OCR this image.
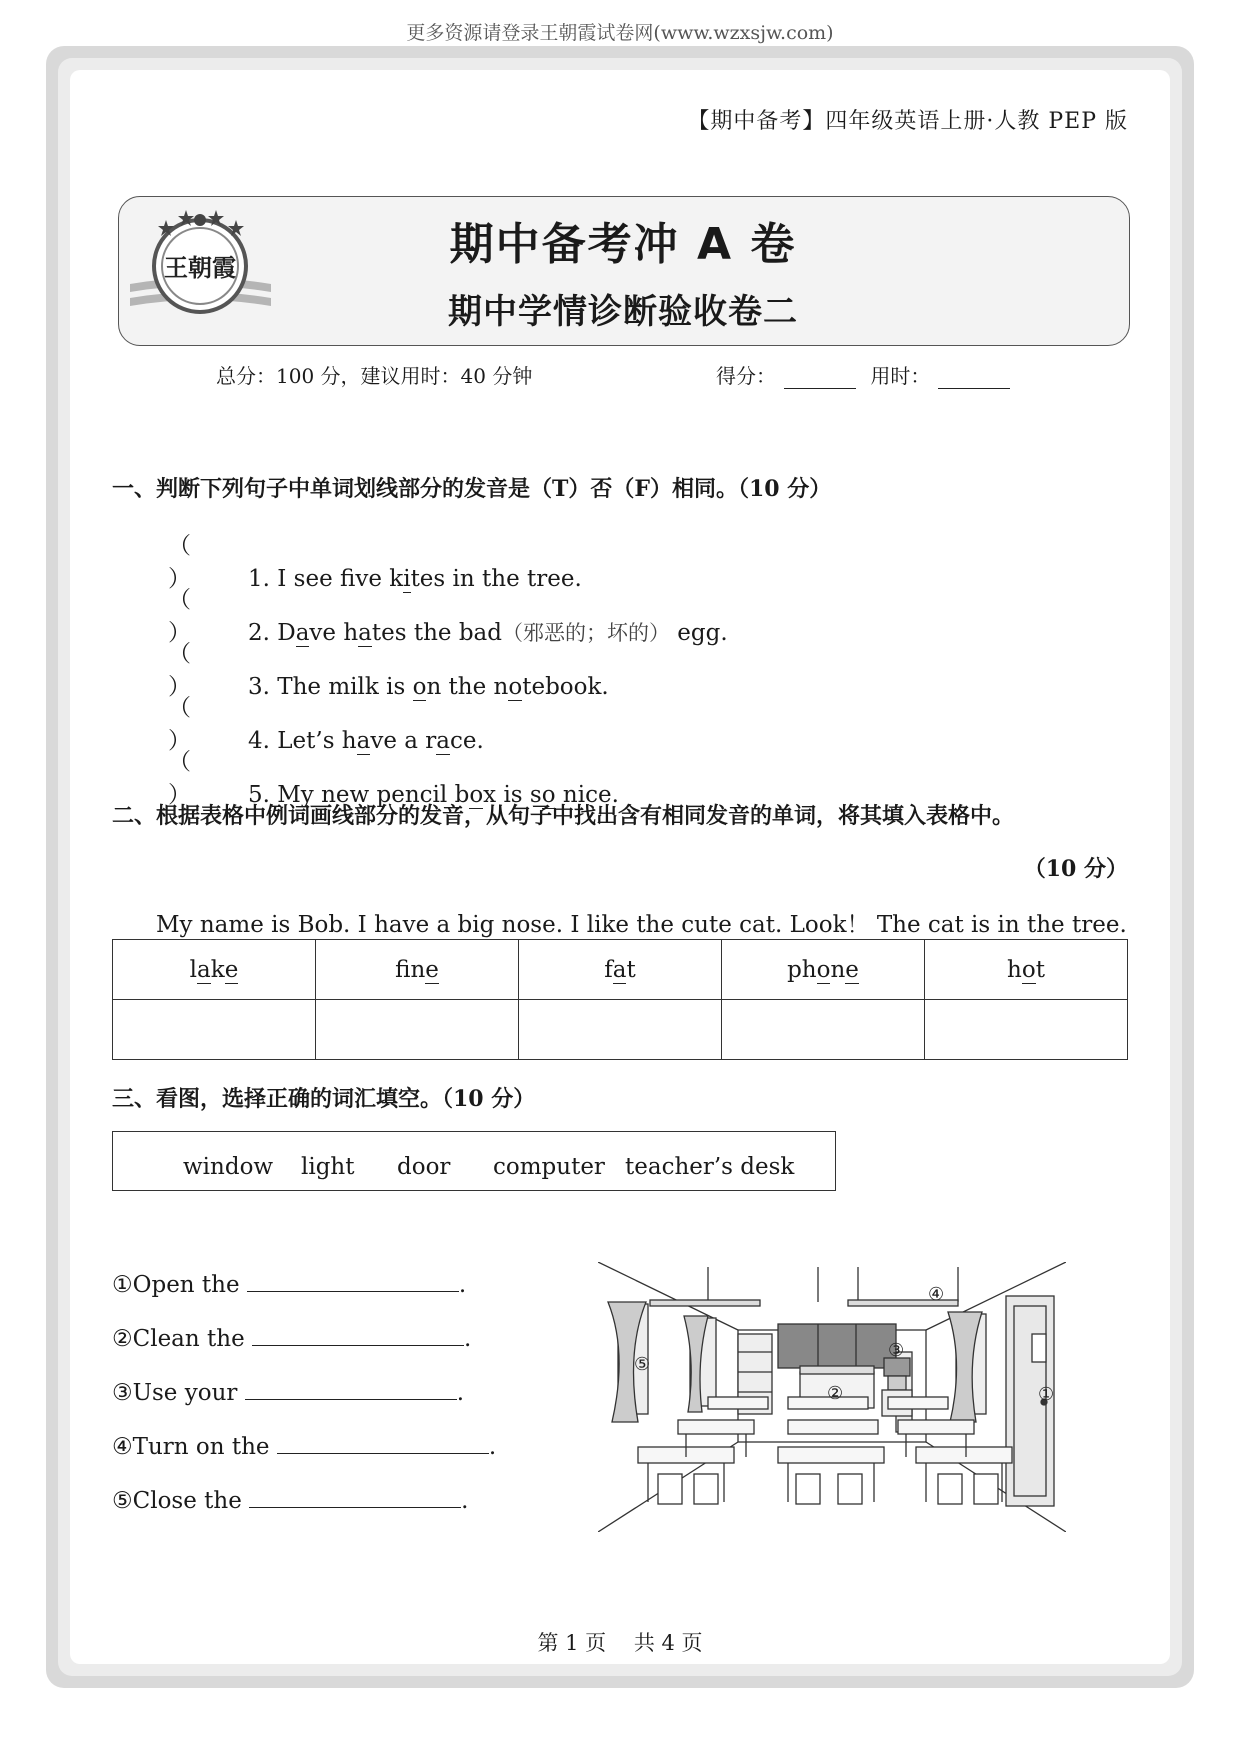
更多资源请登录王朝霞试卷网(www.wzxsjw.com)
【期中备考】四年级英语上册·人教 PEP 版
王朝霞	期中备考冲 A 卷
期中学情诊断验收卷二
总分：100 分，建议用时：40 分钟	得分：	用时：
一、判断下列句子中单词划线部分的发音是（T）否（F）相同。（10 分）
（） 1. I see fve kites in the tree.
（） 2. Dave hates the bad（邪恶的；坏的） egg.
（） 3. The milk is on the notebook.
（） 4. Let’s have a race.
（） 5. My new pencil box is so nice.
二、根据表格中例词画线部分的发音，从句子中找出含有相同发音的单词，将其填入表格中。
（10 分）
My name is Bob. I have a big nose. I like the cute cat. Look！ The cat is in the tree.
lake	fne	fat	phone	hot

三、看图，选择正确的词汇填空。（10 分）
window light door computer teacher’s desk
①Open the	.
②Clean the	.
③Use your	.
④Turn on the	.
⑤Close the	.
①
②
③
④
⑤
第 1 页　 共 4 页
